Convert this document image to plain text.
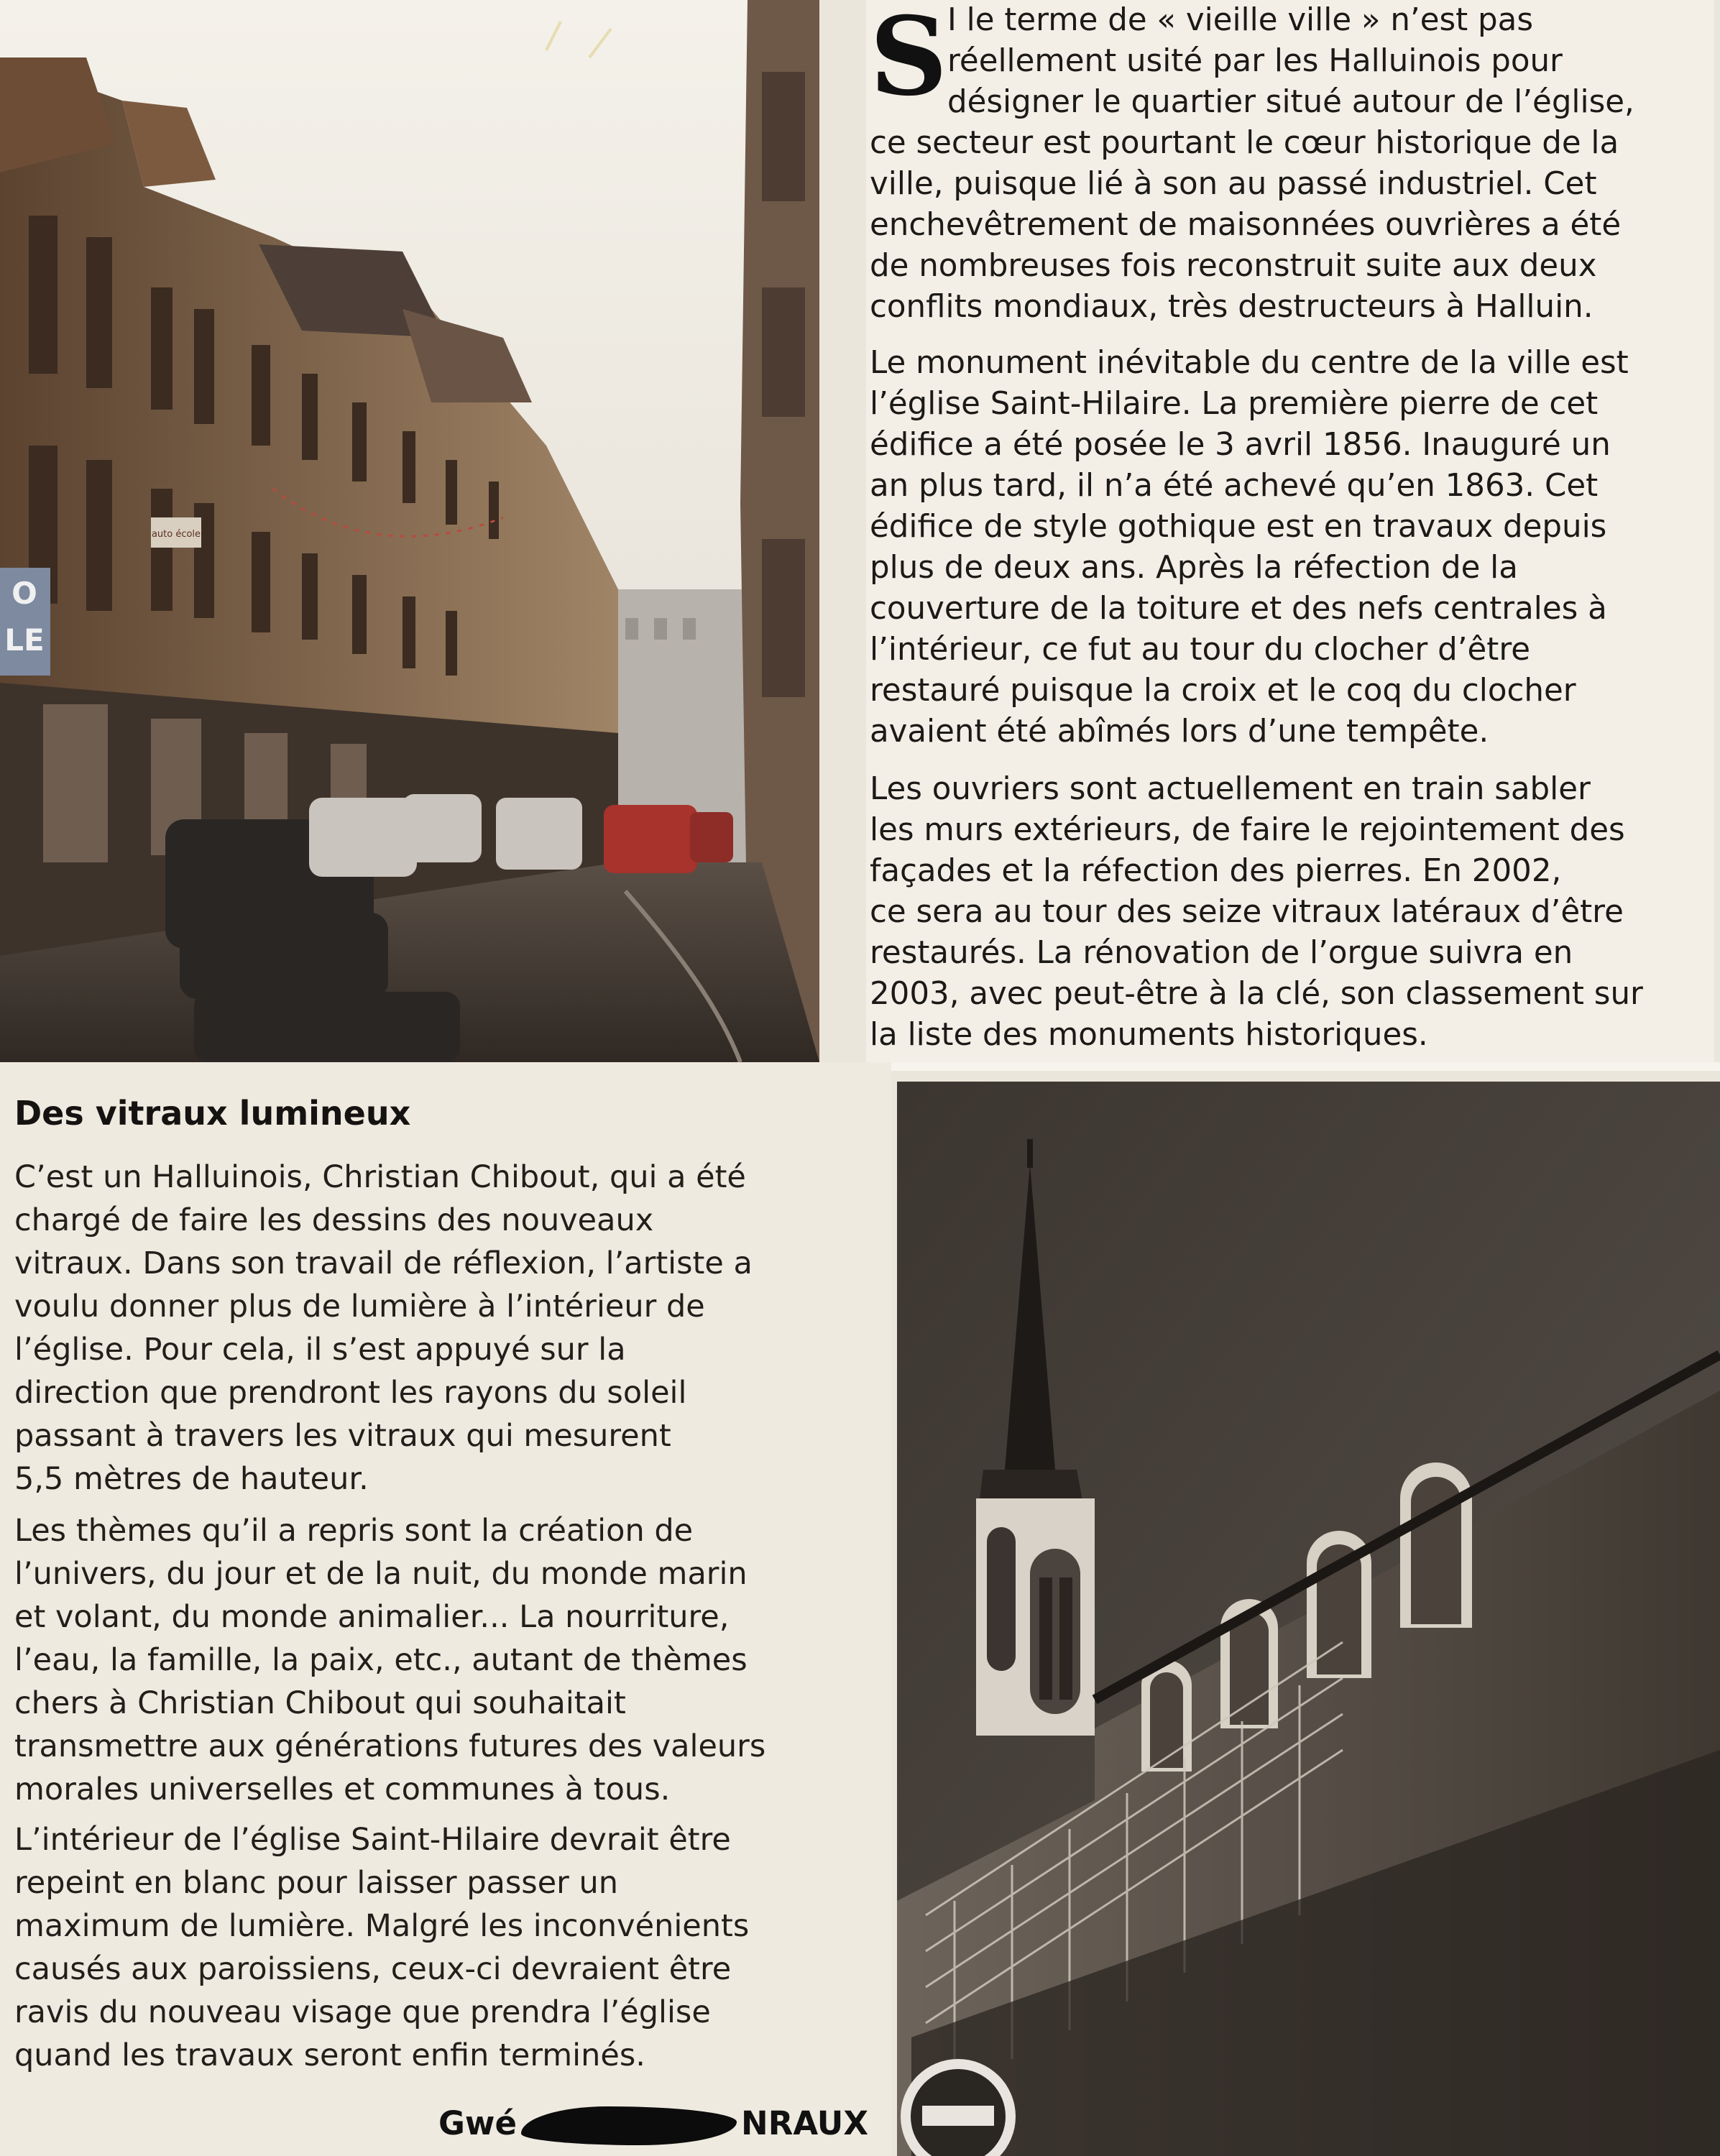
O
LE
auto école
S I le terme de « vieille ville » n’est pas
réellement usité par les Halluinois pour
désigner le quartier situé autour de l’église,
ce secteur est pourtant le cœur historique de la
ville, puisque lié à son au passé industriel. Cet
enchevêtrement de maisonnées ouvrières a été
de nombreuses fois reconstruit suite aux deux
conflits mondiaux, très destructeurs à Halluin.
Le monument inévitable du centre de la ville est
l’église Saint-Hilaire. La première pierre de cet
édifice a été posée le 3 avril 1856. Inauguré un
an plus tard, il n’a été achevé qu’en 1863. Cet
édifice de style gothique est en travaux depuis
plus de deux ans. Après la réfection de la
couverture de la toiture et des nefs centrales à
l’intérieur, ce fut au tour du clocher d’être
restauré puisque la croix et le coq du clocher
avaient été abîmés lors d’une tempête.
Les ouvriers sont actuellement en train sabler
les murs extérieurs, de faire le rejointement des
façades et la réfection des pierres. En 2002,
ce sera au tour des seize vitraux latéraux d’être
restaurés. La rénovation de l’orgue suivra en
2003, avec peut-être à la clé, son classement sur
la liste des monuments historiques.
Des vitraux lumineux
C’est un Halluinois, Christian Chibout, qui a été
chargé de faire les dessins des nouveaux
vitraux. Dans son travail de réflexion, l’artiste a
voulu donner plus de lumière à l’intérieur de
l’église. Pour cela, il s’est appuyé sur la
direction que prendront les rayons du soleil
passant à travers les vitraux qui mesurent
5,5 mètres de hauteur.
Les thèmes qu’il a repris sont la création de
l’univers, du jour et de la nuit, du monde marin
et volant, du monde animalier... La nourriture,
l’eau, la famille, la paix, etc., autant de thèmes
chers à Christian Chibout qui souhaitait
transmettre aux générations futures des valeurs
morales universelles et communes à tous.
L’intérieur de l’église Saint-Hilaire devrait être
repeint en blanc pour laisser passer un
maximum de lumière. Malgré les inconvénients
causés aux paroissiens, ceux-ci devraient être
ravis du nouveau visage que prendra l’église
quand les travaux seront enfin terminés.
Gwé	NRAUX
